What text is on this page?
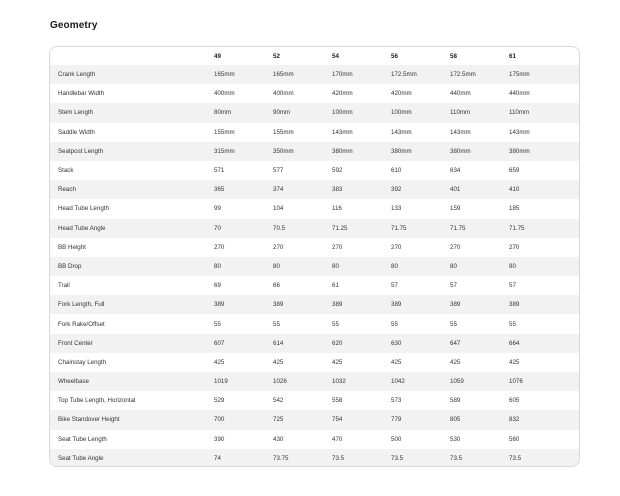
Geometry
	49	52	54	56	58	61
Crank Length	165mm	165mm	170mm	172.5mm	172.5mm	175mm
Handlebar Width	400mm	400mm	420mm	420mm	440mm	440mm
Stem Length	80mm	90mm	100mm	100mm	110mm	110mm
Saddle Width	155mm	155mm	143mm	143mm	143mm	143mm
Seatpost Length	315mm	350mm	380mm	380mm	380mm	380mm
Stack	571	577	592	610	634	659
Reach	365	374	383	392	401	410
Head Tube Length	99	104	116	133	159	185
Head Tube Angle	70	70.5	71.25	71.75	71.75	71.75
BB Height	270	270	270	270	270	270
BB Drop	80	80	80	80	80	80
Trail	69	66	61	57	57	57
Fork Length, Full	389	389	389	389	389	389
Fork Rake/Offset	55	55	55	55	55	55
Front Center	607	614	620	630	647	664
Chainstay Length	425	425	425	425	425	425
Wheelbase	1019	1026	1032	1042	1059	1076
Top Tube Length, Horizontal	529	542	558	573	589	605
Bike Standover Height	700	725	754	779	805	832
Seat Tube Length	390	430	470	500	530	560
Seat Tube Angle	74	73.75	73.5	73.5	73.5	73.5
